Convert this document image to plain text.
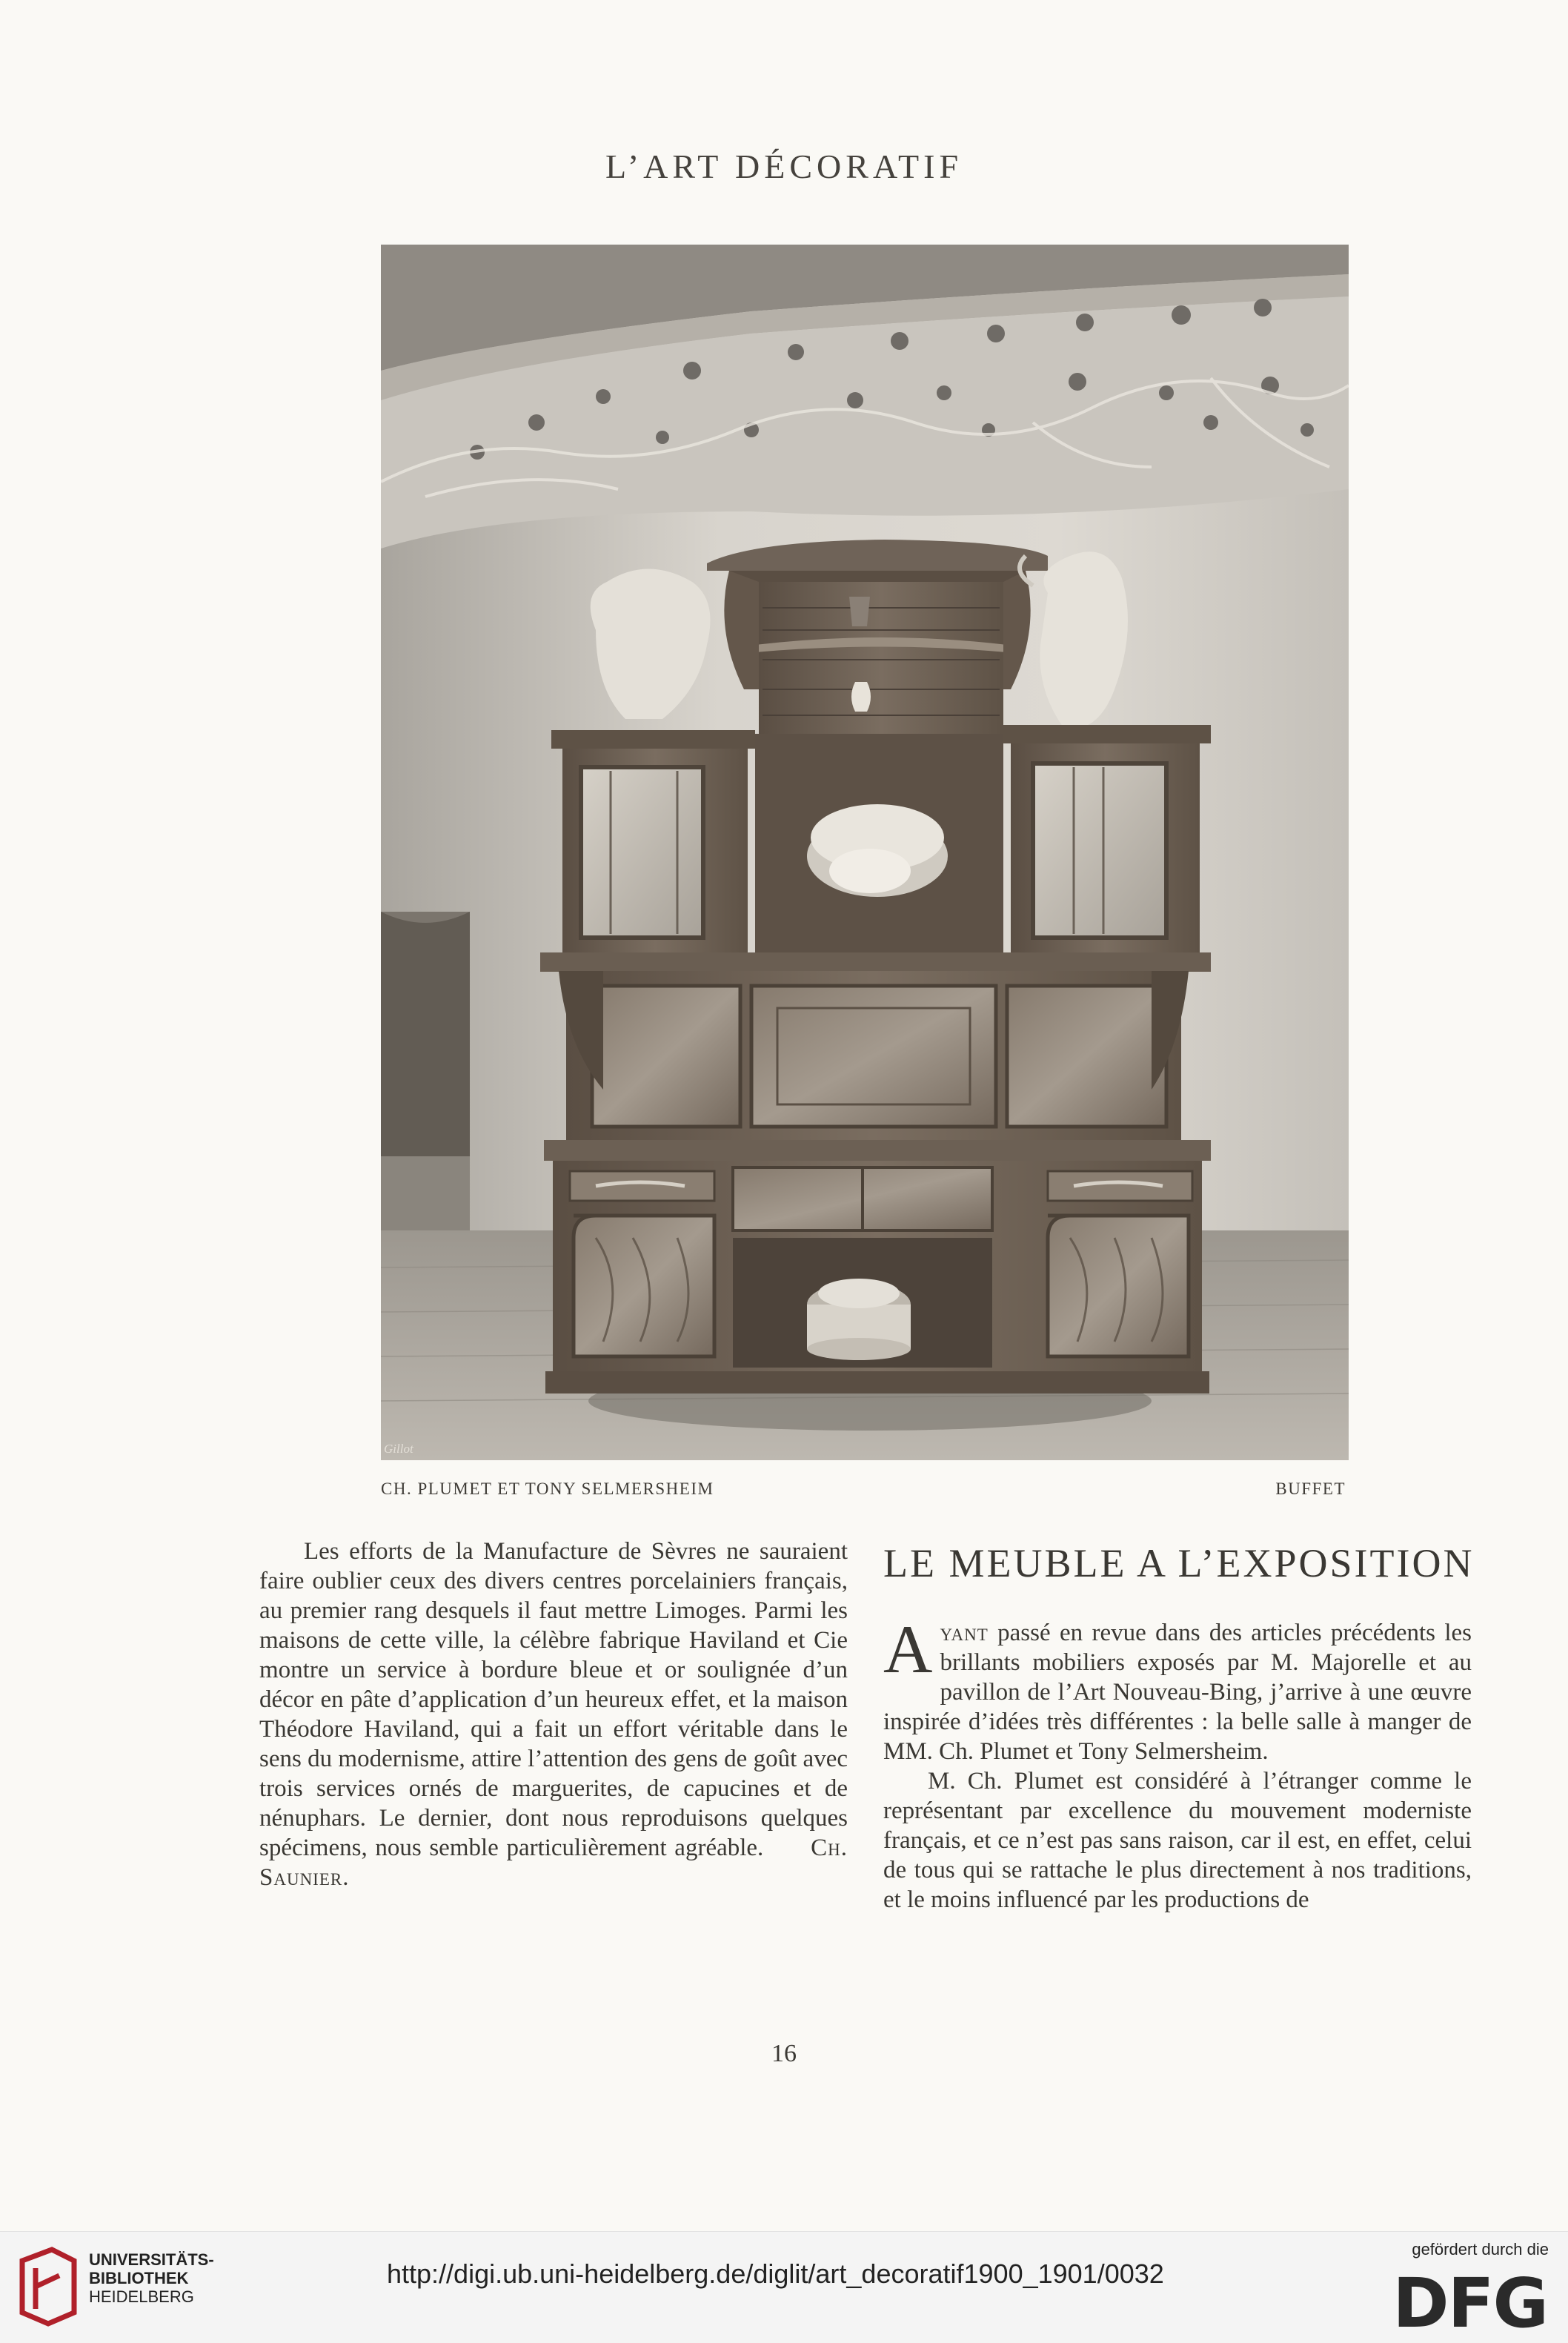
L’ART DÉCORATIF
Gillot
CH. PLUMET ET TONY SELMERSHEIM	BUFFET

Les efforts de la Manufacture de Sèvres ne sauraient faire oublier ceux des divers centres porcelainiers français, au premier rang desquels il faut mettre Limoges. Parmi les maisons de cette ville, la célèbre fabrique Haviland et Cie montre un service à bordure bleue et or soulignée d’un décor en pâte d’application d’un heureux effet, et la maison Théodore Haviland, qui a fait un effort véritable dans le sens du modernisme, attire l’attention des gens de goût avec trois services ornés de marguerites, de capucines et de nénuphars. Le dernier, dont nous reproduisons quelques spécimens, nous semble particulièrement agréable. Ch. Saunier.

LE MEUBLE A L’EXPOSITION

Ayant passé en revue dans des articles précédents les brillants mobiliers exposés par M. Majorelle et au pavillon de l’Art Nouveau-Bing, j’arrive à une œuvre inspirée d’idées très différentes : la belle salle à manger de MM. Ch. Plumet et Tony Selmersheim.

M. Ch. Plumet est considéré à l’étranger comme le représentant par excellence du mouvement moderniste français, et ce n’est pas sans raison, car il est, en effet, celui de tous qui se rattache le plus directement à nos traditions, et le moins influencé par les productions de

16
UNIVERSITÄTS-
BIBLIOTHEK
HEIDELBERG
http://digi.ub.uni-heidelberg.de/diglit/art_decoratif1900_1901/0032
gefördert durch die
DFG
